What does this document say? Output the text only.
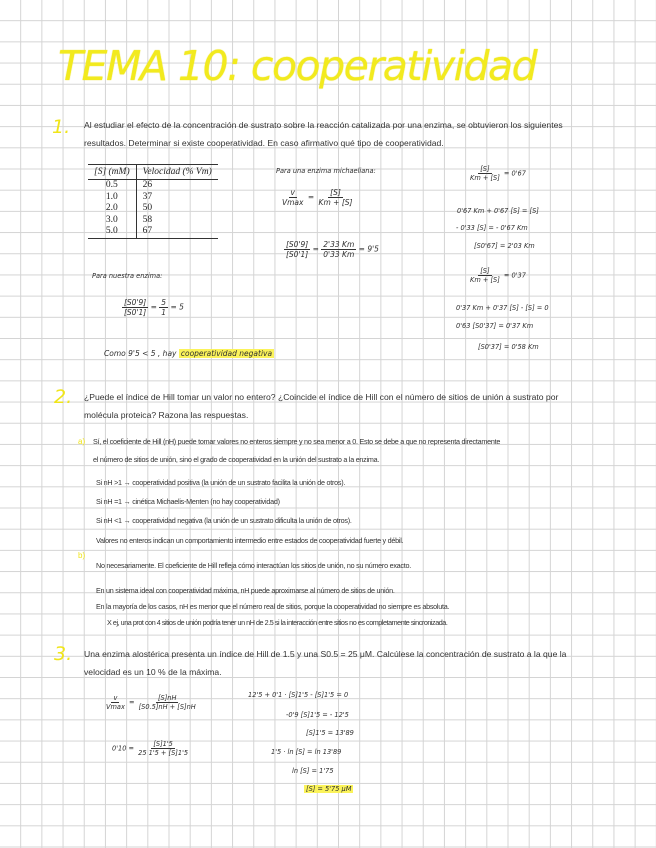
TEMA 10: cooperatividad
1. Al estudiar el efecto de la concentración de sustrato sobre la reacción catalizada por una enzima, se obtuvieron los siguientes resultados. Determinar si existe cooperatividad. En caso afirmativo qué tipo de cooperatividad.
[S] (mM)	Velocidad (% Vm)
0.5	26
1.0	37
2.0	50
3.0	58
5.0	67
Para una enzima michaeliana:
$\frac{v}{Vmax} = \frac{[S]}{Km + [S]}$
$\frac{[S0'9]}{[S0'1]} = \frac{2'33 Km}{0'33 Km} = 9'5$
Para nuestra enzima:
$\frac{[S0'9]}{[S0'1]} = \frac{5}{1} = 5$
Como 9'5 < 5 , hay cooperatividad negativa
$\frac{[S]}{Km + [S]} = 0'67$
0'67 Km + 0'67 [S] = [S]
- 0'33 [S] = - 0'67 Km
[S0'67] = 2'03 Km
$\frac{[S]}{Km + [S]} = 0'37$
0'37 Km + 0'37 [S] - [S] = 0
0'63 [S0'37] = 0'37 Km
[S0'37] = 0'58 Km
2. ¿Puede el índice de Hill tomar un valor no entero? ¿Coincide el índice de Hill con el número de sitios de unión a sustrato por molécula proteica? Razona las respuestas.
a) Sí, el coeficiente de Hill (nH) puede tomar valores no enteros siempre y no sea menor a 0. Esto se debe a que no representa directamente
el número de sitios de unión, sino el grado de cooperatividad en la unión del sustrato a la enzima.
Si nH >1 → cooperatividad positiva (la unión de un sustrato facilita la unión de otros).
Si nH =1 → cinética Michaelis-Menten (no hay cooperatividad)
Si nH <1 → cooperatividad negativa (la unión de un sustrato dificulta la unión de otros).
Valores no enteros indican un comportamiento intermedio entre estados de cooperatividad fuerte y débil.
b)
No necesariamente. El coeficiente de Hill refleja cómo interactúan los sitios de unión, no su número exacto.
En un sistema ideal con cooperatividad máxima, nH puede aproximarse al número de sitios de unión.
En la mayoría de los casos, nH es menor que el número real de sitios, porque la cooperatividad no siempre es absoluta.
X ej, una prot con 4 sitios de unión podría tener un nH de 2.5 si la interacción entre sitios no es completamente sincronizada.
3. Una enzima alostérica presenta un índice de Hill de 1.5 y una S0.5 = 25 μM. Calcúlese la concentración de sustrato a la que la velocidad es un 10 % de la máxima.
$\frac{v}{Vmax} = \frac{[S]nH}{[S0.5]nH + [S]nH}$
$0'10 = \frac{[S]1'5}{25 1'5 + [S]1'5}$
12'5 + 0'1 · [S]1'5 - [S]1'5 = 0
-0'9 [S]1'5 = - 12'5
[S]1'5 = 13'89
1'5 · ln [S] = ln 13'89
ln [S] = 1'75
[S] = 5'75 μM
